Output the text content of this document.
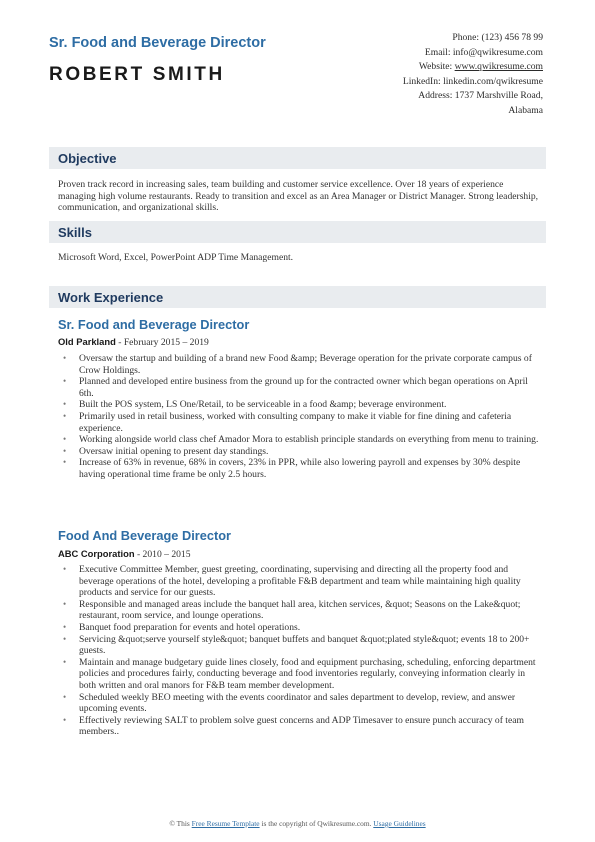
Sr. Food and Beverage Director
ROBERT SMITH
Phone: (123) 456 78 99
Email: info@qwikresume.com
Website: www.qwikresume.com
LinkedIn: linkedin.com/qwikresume
Address: 1737 Marshville Road,
Alabama
Objective
Proven track record in increasing sales, team building and customer service excellence. Over 18 years of experience managing high volume restaurants. Ready to transition and excel as an Area Manager or District Manager. Strong leadership, communication, and organizational skills.
Skills
Microsoft Word, Excel, PowerPoint ADP Time Management.
Work Experience
Sr. Food and Beverage Director
Old Parkland - February 2015 – 2019
• Oversaw the startup and building of a brand new Food &amp; Beverage operation for the private corporate campus of Crow Holdings.
• Planned and developed entire business from the ground up for the contracted owner which began operations on April 6th.
• Built the POS system, LS One/Retail, to be serviceable in a food &amp; beverage environment.
• Primarily used in retail business, worked with consulting company to make it viable for fine dining and cafeteria experience.
• Working alongside world class chef Amador Mora to establish principle standards on everything from menu to training.
• Oversaw initial opening to present day standings.
• Increase of 63% in revenue, 68% in covers, 23% in PPR, while also lowering payroll and expenses by 30% despite having operational time frame be only 2.5 hours.
Food And Beverage Director
ABC Corporation - 2010 – 2015
• Executive Committee Member, guest greeting, coordinating, supervising and directing all the property food and beverage operations of the hotel, developing a profitable F&B department and team while maintaining high quality products and service for our guests.
• Responsible and managed areas include the banquet hall area, kitchen services, &quot; Seasons on the Lake&quot; restaurant, room service, and lounge operations.
• Banquet food preparation for events and hotel operations.
• Servicing &quot;serve yourself style&quot; banquet buffets and banquet &quot;plated style&quot; events 18 to 200+ guests.
• Maintain and manage budgetary guide lines closely, food and equipment purchasing, scheduling, enforcing department policies and procedures fairly, conducting beverage and food inventories regularly, conveying information clearly in both written and oral manors for F&B team member development.
• Scheduled weekly BEO meeting with the events coordinator and sales department to develop, review, and answer upcoming events.
• Effectively reviewing SALT to problem solve guest concerns and ADP Timesaver to ensure punch accuracy of team members..
© This Free Resume Template is the copyright of Qwikresume.com. Usage Guidelines
